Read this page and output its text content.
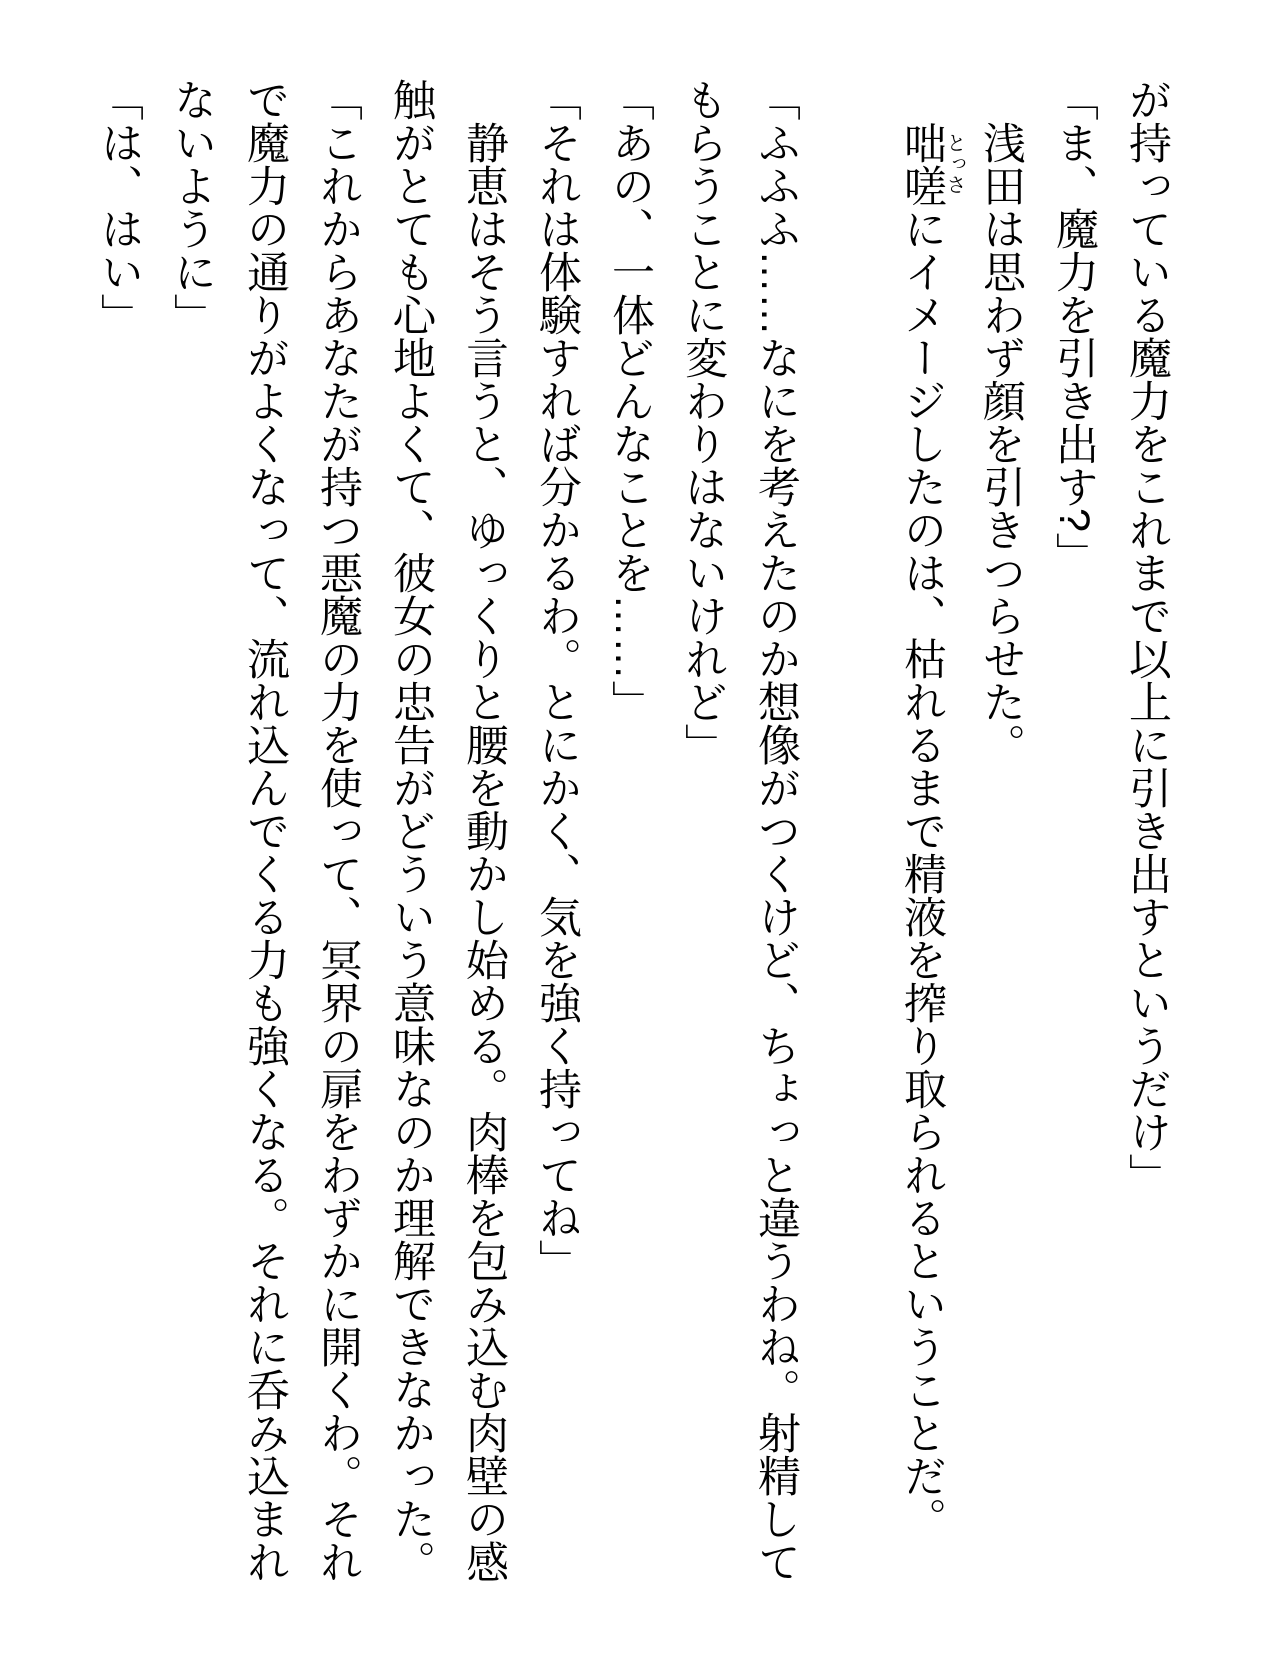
が持っている魔力をこれまで以上に引き出すというだけ」

「ま、魔力を引き出す?」

浅田は思わず顔を引きつらせた。

咄嗟とっさにイメージしたのは、枯れるまで精液を搾り取られるということだ。

「ふふふ……なにを考えたのか想像がつくけど、ちょっと違うわね。射精してもらうことに変わりはないけれど」

「あの、一体どんなことを……」

「それは体験すれば分かるわ。とにかく、気を強く持ってね」

静恵はそう言うと、ゆっくりと腰を動かし始める。肉棒を包み込む肉壁の感触がとても心地よくて、彼女の忠告がどういう意味なのか理解できなかった。

「これからあなたが持つ悪魔の力を使って、冥界の扉をわずかに開くわ。それで魔力の通りがよくなって、流れ込んでくる力も強くなる。それに呑み込まれないように」

「は、はい」
